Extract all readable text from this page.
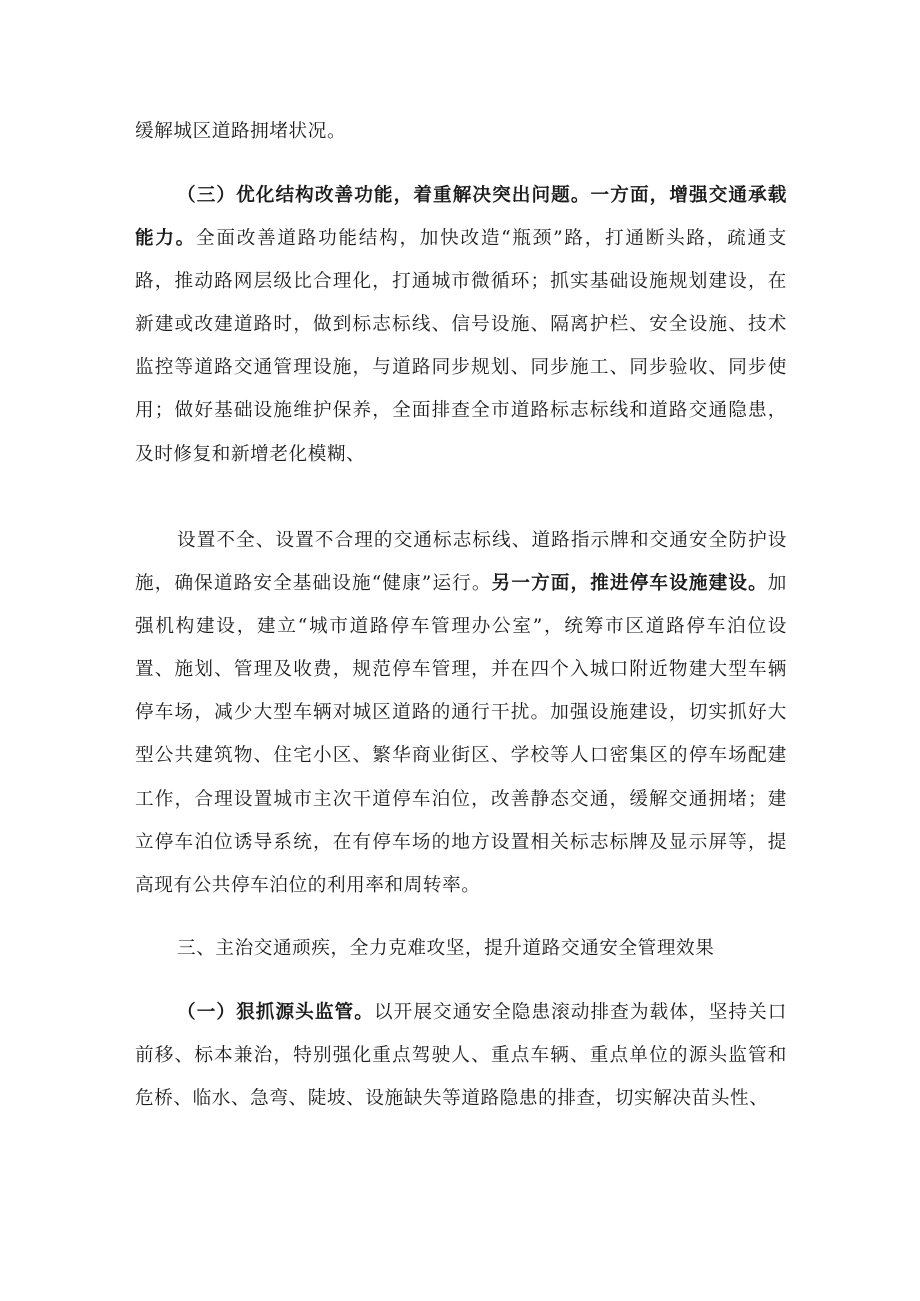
缓解城区道路拥堵状况。

（三）优化结构改善功能，着重解决突出问题。一方面，增强交通承载能力。全面改善道路功能结构，加快改造“瓶颈”路，打通断头路，疏通支路，推动路网层级比合理化，打通城市微循环；抓实基础设施规划建设，在新建或改建道路时，做到标志标线、信号设施、隔离护栏、安全设施、技术监控等道路交通管理设施，与道路同步规划、同步施工、同步验收、同步使用；做好基础设施维护保养，全面排查全市道路标志标线和道路交通隐患，及时修复和新增老化模糊、

设置不全、设置不合理的交通标志标线、道路指示牌和交通安全防护设施，确保道路安全基础设施“健康”运行。另一方面，推进停车设施建设。加强机构建设，建立“城市道路停车管理办公室”，统筹市区道路停车泊位设置、施划、管理及收费，规范停车管理，并在四个入城口附近物建大型车辆停车场，减少大型车辆对城区道路的通行干扰。加强设施建设，切实抓好大型公共建筑物、住宅小区、繁华商业街区、学校等人口密集区的停车场配建工作，合理设置城市主次干道停车泊位，改善静态交通，缓解交通拥堵；建立停车泊位诱导系统，在有停车场的地方设置相关标志标牌及显示屏等，提高现有公共停车泊位的利用率和周转率。

三、主治交通顽疾，全力克难攻坚，提升道路交通安全管理效果

（一）狠抓源头监管。以开展交通安全隐患滚动排查为载体，坚持关口前移、标本兼治，特别强化重点驾驶人、重点车辆、重点单位的源头监管和危桥、临水、急弯、陡坡、设施缺失等道路隐患的排查，切实解决苗头性、
